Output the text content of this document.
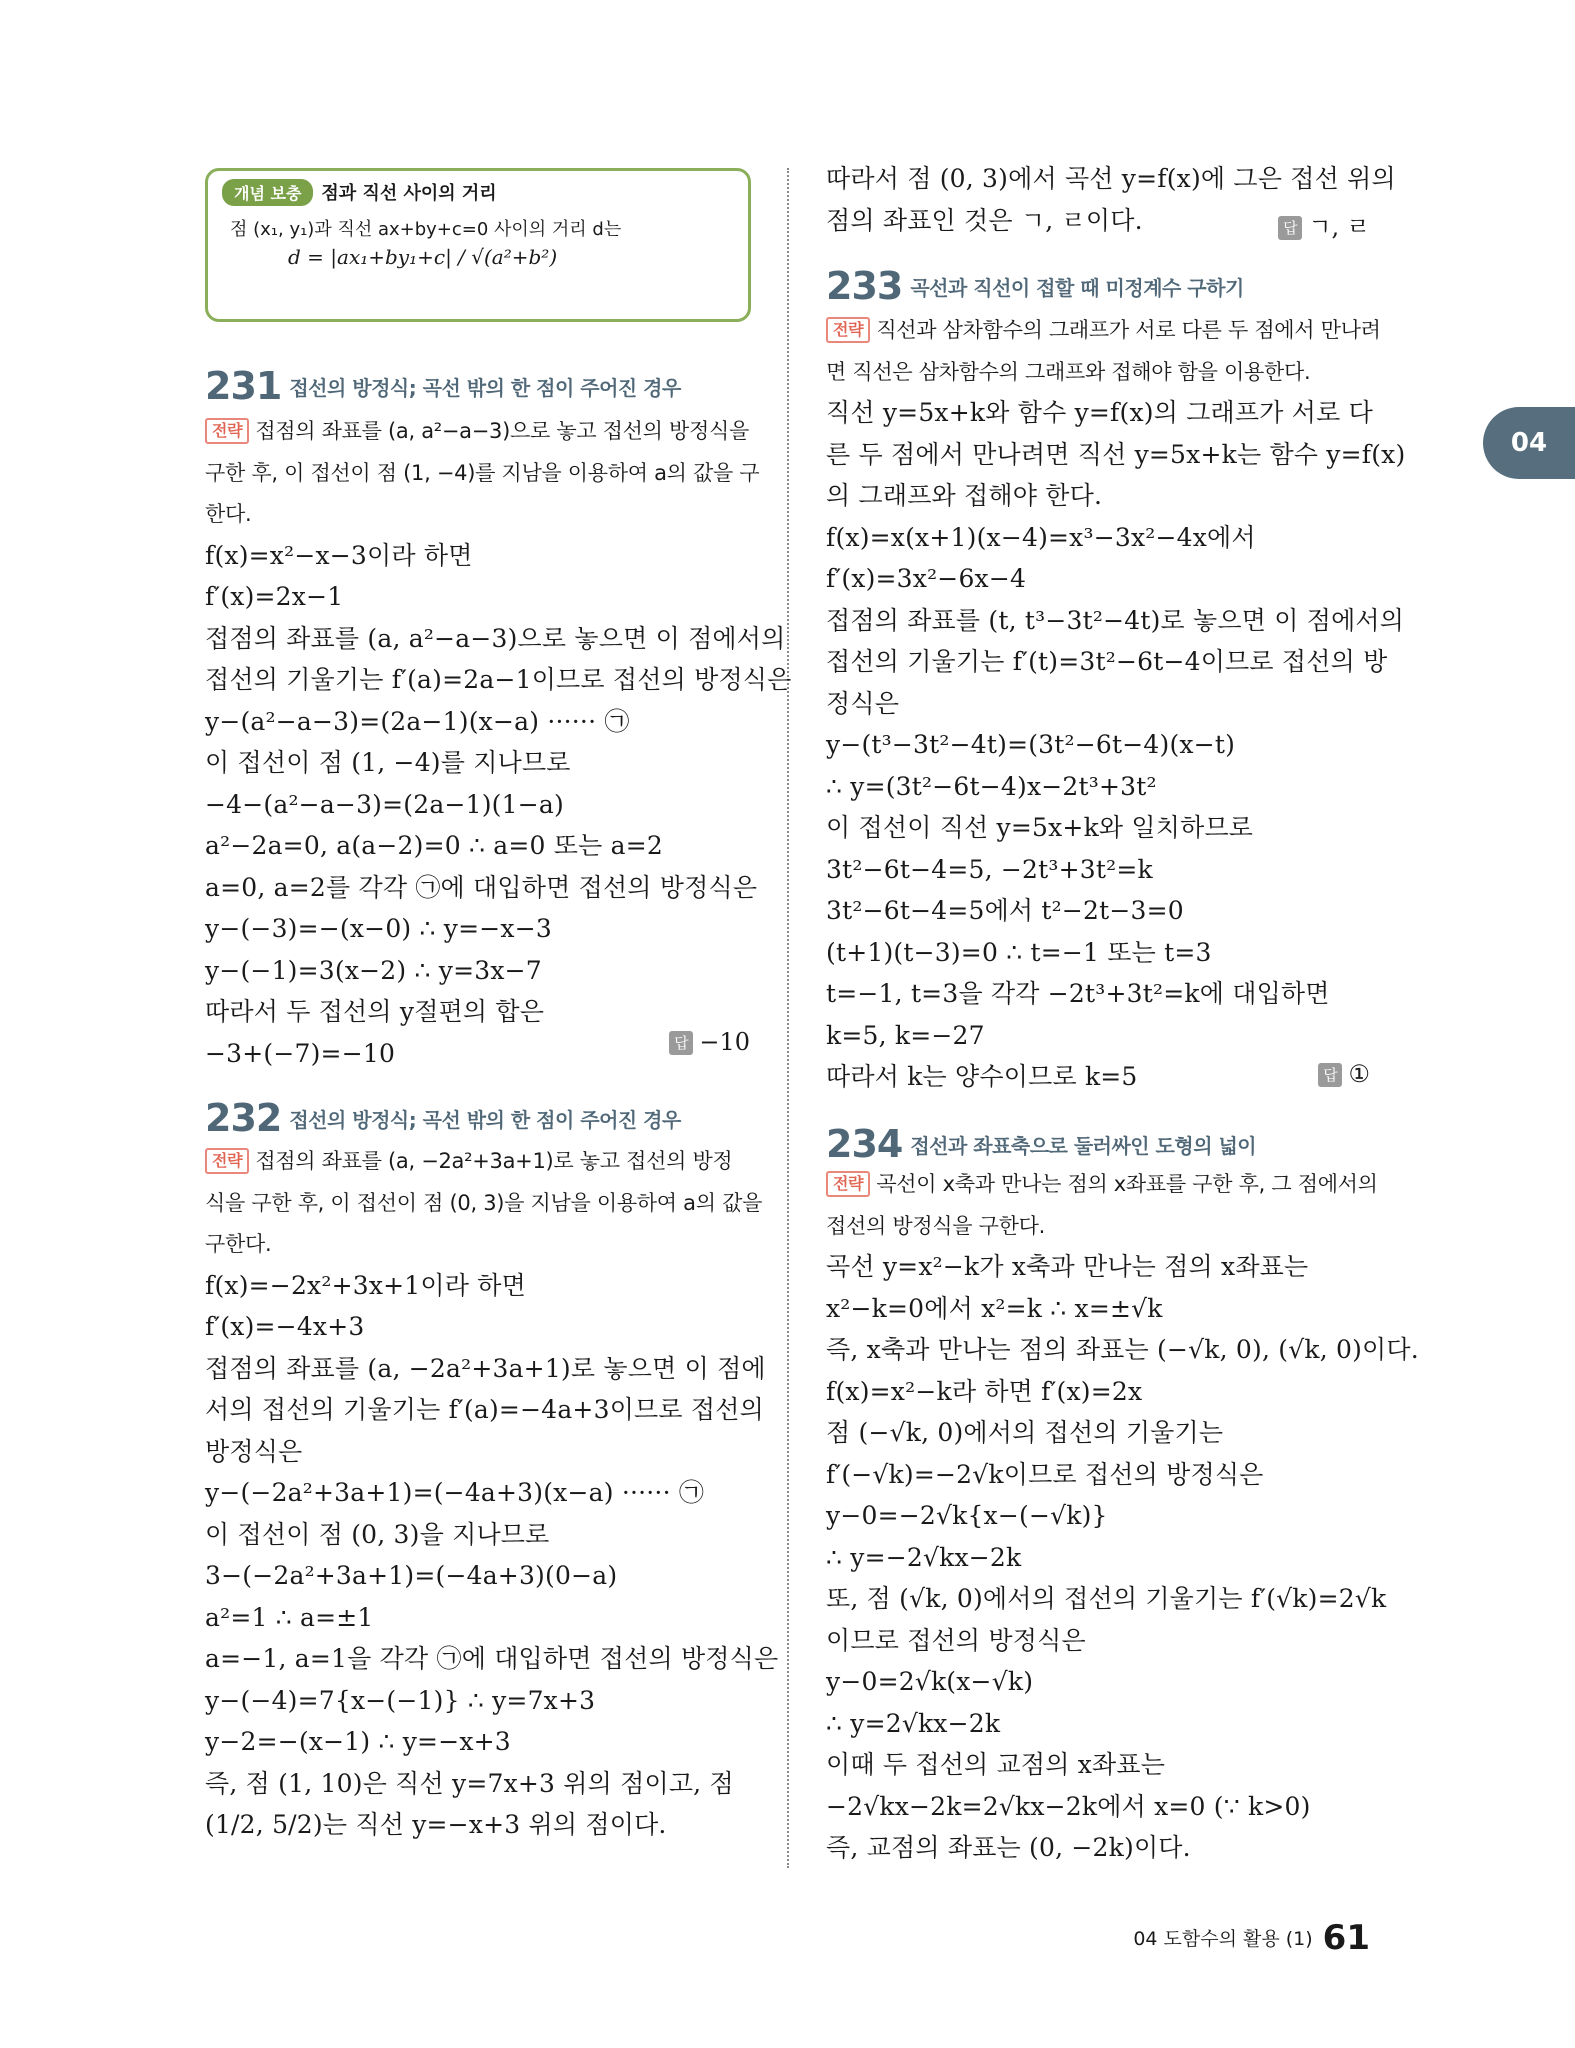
개념 보충 점과 직선 사이의 거리
점 (x₁, y₁)과 직선 ax+by+c=0 사이의 거리 d는
d = |ax₁+by₁+c| / √(a²+b²)
04
231 접선의 방정식; 곡선 밖의 한 점이 주어진 경우
전략 접점의 좌표를 (a, a²−a−3)으로 놓고 접선의 방정식을
구한 후, 이 접선이 점 (1, −4)를 지남을 이용하여 a의 값을 구
한다.
f(x)=x²−x−3이라 하면
f′(x)=2x−1
접점의 좌표를 (a, a²−a−3)으로 놓으면 이 점에서의
접선의 기울기는 f′(a)=2a−1이므로 접선의 방정식은
y−(a²−a−3)=(2a−1)(x−a) ······ ㉠
이 접선이 점 (1, −4)를 지나므로
−4−(a²−a−3)=(2a−1)(1−a)
a²−2a=0, a(a−2)=0 ∴ a=0 또는 a=2
a=0, a=2를 각각 ㉠에 대입하면 접선의 방정식은
y−(−3)=−(x−0) ∴ y=−x−3
y−(−1)=3(x−2) ∴ y=3x−7
따라서 두 접선의 y절편의 합은
−3+(−7)=−10	답 −10
232 접선의 방정식; 곡선 밖의 한 점이 주어진 경우
전략 접점의 좌표를 (a, −2a²+3a+1)로 놓고 접선의 방정
식을 구한 후, 이 접선이 점 (0, 3)을 지남을 이용하여 a의 값을
구한다.
f(x)=−2x²+3x+1이라 하면
f′(x)=−4x+3
접점의 좌표를 (a, −2a²+3a+1)로 놓으면 이 점에
서의 접선의 기울기는 f′(a)=−4a+3이므로 접선의
방정식은
y−(−2a²+3a+1)=(−4a+3)(x−a) ······ ㉠
이 접선이 점 (0, 3)을 지나므로
3−(−2a²+3a+1)=(−4a+3)(0−a)
a²=1 ∴ a=±1
a=−1, a=1을 각각 ㉠에 대입하면 접선의 방정식은
y−(−4)=7{x−(−1)} ∴ y=7x+3
y−2=−(x−1) ∴ y=−x+3
즉, 점 (1, 10)은 직선 y=7x+3 위의 점이고, 점
(1/2, 5/2)는 직선 y=−x+3 위의 점이다.
따라서 점 (0, 3)에서 곡선 y=f(x)에 그은 접선 위의
점의 좌표인 것은 ㄱ, ㄹ이다.	답 ㄱ, ㄹ
233 곡선과 직선이 접할 때 미정계수 구하기
전략 직선과 삼차함수의 그래프가 서로 다른 두 점에서 만나려
면 직선은 삼차함수의 그래프와 접해야 함을 이용한다.
직선 y=5x+k와 함수 y=f(x)의 그래프가 서로 다
른 두 점에서 만나려면 직선 y=5x+k는 함수 y=f(x)
의 그래프와 접해야 한다.
f(x)=x(x+1)(x−4)=x³−3x²−4x에서
f′(x)=3x²−6x−4
접점의 좌표를 (t, t³−3t²−4t)로 놓으면 이 점에서의
접선의 기울기는 f′(t)=3t²−6t−4이므로 접선의 방
정식은
y−(t³−3t²−4t)=(3t²−6t−4)(x−t)
∴ y=(3t²−6t−4)x−2t³+3t²
이 접선이 직선 y=5x+k와 일치하므로
3t²−6t−4=5, −2t³+3t²=k
3t²−6t−4=5에서 t²−2t−3=0
(t+1)(t−3)=0 ∴ t=−1 또는 t=3
t=−1, t=3을 각각 −2t³+3t²=k에 대입하면
k=5, k=−27
따라서 k는 양수이므로 k=5	답 ①
234 접선과 좌표축으로 둘러싸인 도형의 넓이
전략 곡선이 x축과 만나는 점의 x좌표를 구한 후, 그 점에서의
접선의 방정식을 구한다.
곡선 y=x²−k가 x축과 만나는 점의 x좌표는
x²−k=0에서 x²=k ∴ x=±√k
즉, x축과 만나는 점의 좌표는 (−√k, 0), (√k, 0)이다.
f(x)=x²−k라 하면 f′(x)=2x
점 (−√k, 0)에서의 접선의 기울기는
f′(−√k)=−2√k이므로 접선의 방정식은
y−0=−2√k{x−(−√k)}
∴ y=−2√kx−2k
또, 점 (√k, 0)에서의 접선의 기울기는 f′(√k)=2√k
이므로 접선의 방정식은
y−0=2√k(x−√k)
∴ y=2√kx−2k
이때 두 접선의 교점의 x좌표는
−2√kx−2k=2√kx−2k에서 x=0 (∵ k>0)
즉, 교점의 좌표는 (0, −2k)이다.
04 도함수의 활용 (1) 61
